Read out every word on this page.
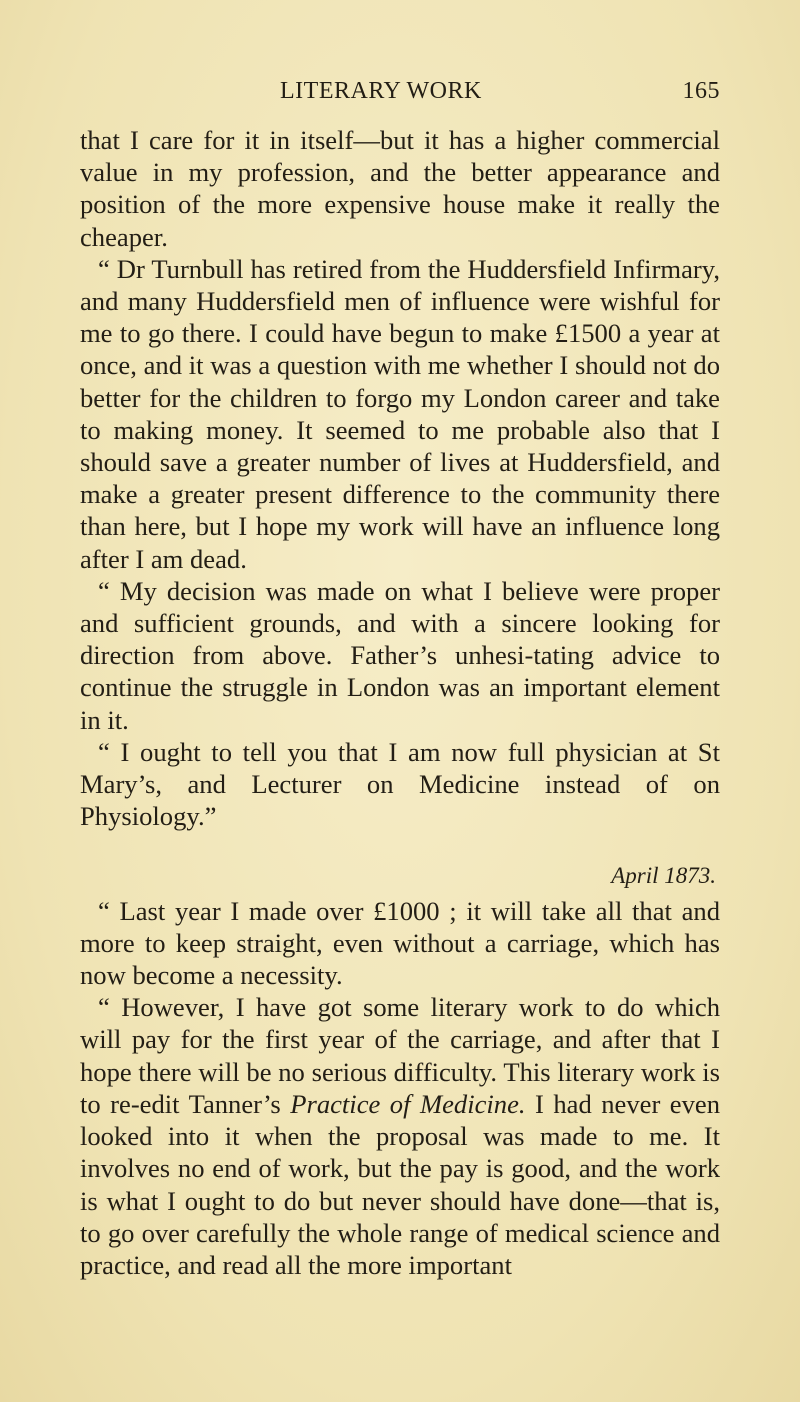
LITERARY WORK	165

that I care for it in itself—but it has a higher commercial value in my profession, and the better appearance and position of the more expensive house make it really the cheaper.

“ Dr Turnbull has retired from the Huddersfield Infirmary, and many Huddersfield men of influence were wishful for me to go there. I could have begun to make £1500 a year at once, and it was a question with me whether I should not do better for the children to forgo my London career and take to making money. It seemed to me probable also that I should save a greater number of lives at Huddersfield, and make a greater present difference to the community there than here, but I hope my work will have an influence long after I am dead.

“ My decision was made on what I believe were proper and sufficient grounds, and with a sincere looking for direction from above. Father’s unhesi-tating advice to continue the struggle in London was an important element in it.

“ I ought to tell you that I am now full physician at St Mary’s, and Lecturer on Medicine instead of on Physiology.”

April 1873.

“ Last year I made over £1000 ; it will take all that and more to keep straight, even without a carriage, which has now become a necessity.

“ However, I have got some literary work to do which will pay for the first year of the carriage, and after that I hope there will be no serious difficulty. This literary work is to re-edit Tanner’s Practice of Medicine. I had never even looked into it when the proposal was made to me. It involves no end of work, but the pay is good, and the work is what I ought to do but never should have done—that is, to go over carefully the whole range of medical science and practice, and read all the more important
